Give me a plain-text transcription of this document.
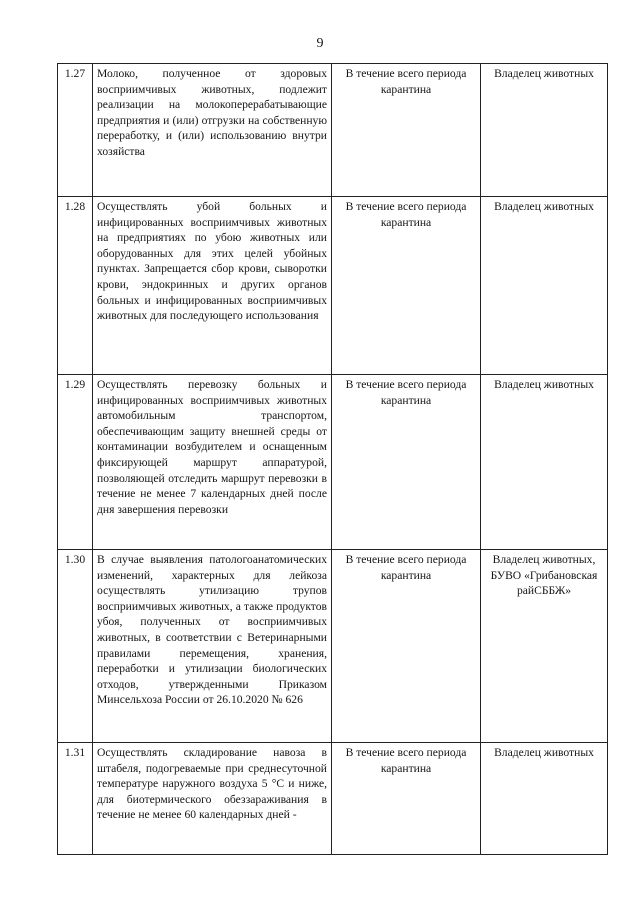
9
1.27	Молоко, полученное от здоровых восприимчивых животных, подлежит реализации на молокоперерабатывающие предприятия и (или) отгрузки на собственную переработку, и (или) использованию внутри хозяйства	В течение всего периода карантина	Владелец животных
1.28	Осуществлять убой больных и инфицированных восприимчивых животных на предприятиях по убою животных или оборудованных для этих целей убойных пунктах. Запрещается сбор крови, сыворотки крови, эндокринных и других органов больных и инфицированных восприимчивых животных для последующего использования	В течение всего периода карантина	Владелец животных
1.29	Осуществлять перевозку больных и инфицированных восприимчивых животных автомобильным транспортом, обеспечивающим защиту внешней среды от контаминации возбудителем и оснащенным фиксирующей маршрут аппаратурой, позволяющей отследить маршрут перевозки в течение не менее 7 календарных дней после дня завершения перевозки	В течение всего периода карантина	Владелец животных
1.30	В случае выявления патологоанатомических изменений, характерных для лейкоза осуществлять утилизацию трупов восприимчивых животных, а также продуктов убоя, полученных от восприимчивых животных, в соответствии с Ветеринарными правилами перемещения, хранения, переработки и утилизации биологических отходов, утвержденными Приказом Минсельхоза России от 26.10.2020 № 626	В течение всего периода карантина	Владелец животных, БУВО «Грибановская райСББЖ»
1.31	Осуществлять складирование навоза в штабеля, подогреваемые при среднесуточной температуре наружного воздуха 5 °С и ниже, для биотермического обеззараживания в течение не менее 60 календарных дней -	В течение всего периода карантина	Владелец животных
